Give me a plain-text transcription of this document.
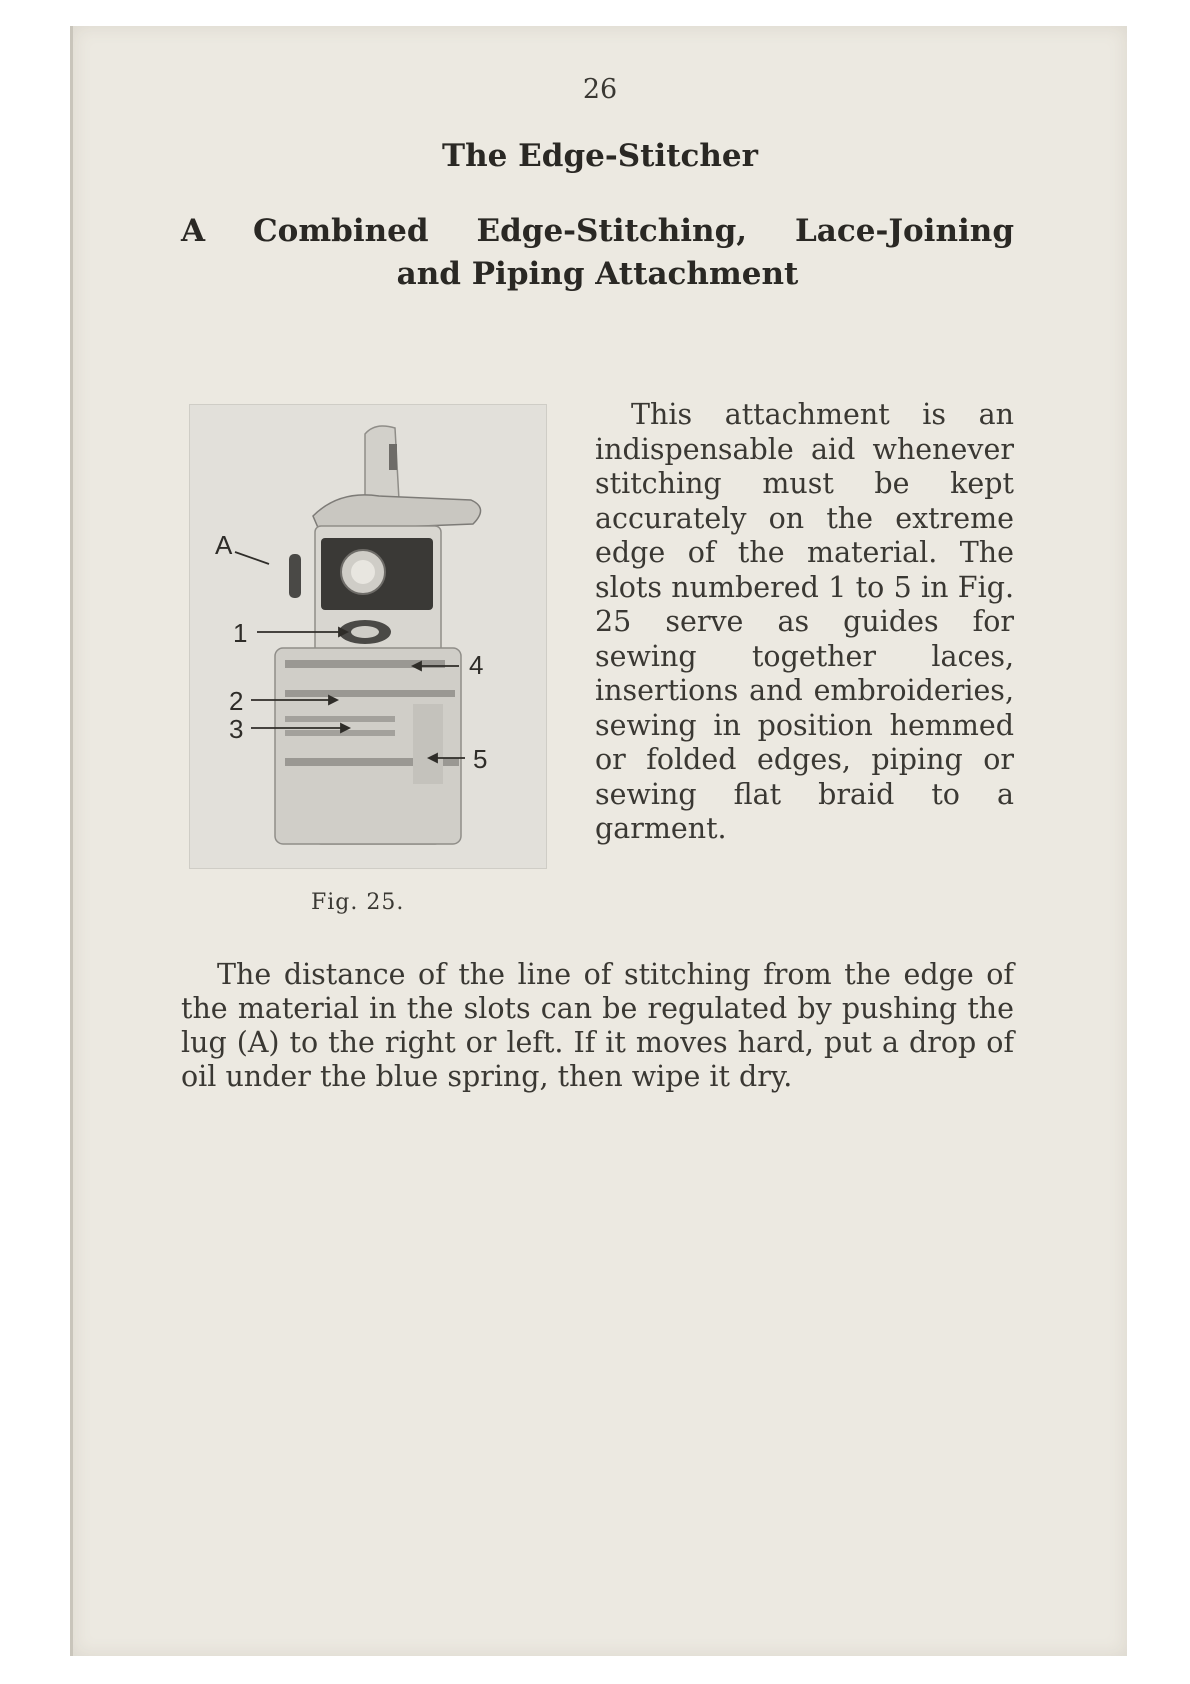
26
The Edge-Stitcher
A Combined Edge-Stitching, Lace-Joining
and Piping Attachment
A
1
4
2
3
5
Fig. 25.
This attachment is an indispensable aid whenever stitching must be kept accurately on the extreme edge of the material. The slots numbered 1 to 5 in Fig. 25 serve as guides for sewing together laces, insertions and embroideries, sewing in position hemmed or folded edges, piping or sewing flat braid to a garment.
The distance of the line of stitching from the edge of the material in the slots can be regulated by pushing the lug (A) to the right or left. If it moves hard, put a drop of oil under the blue spring, then wipe it dry.
